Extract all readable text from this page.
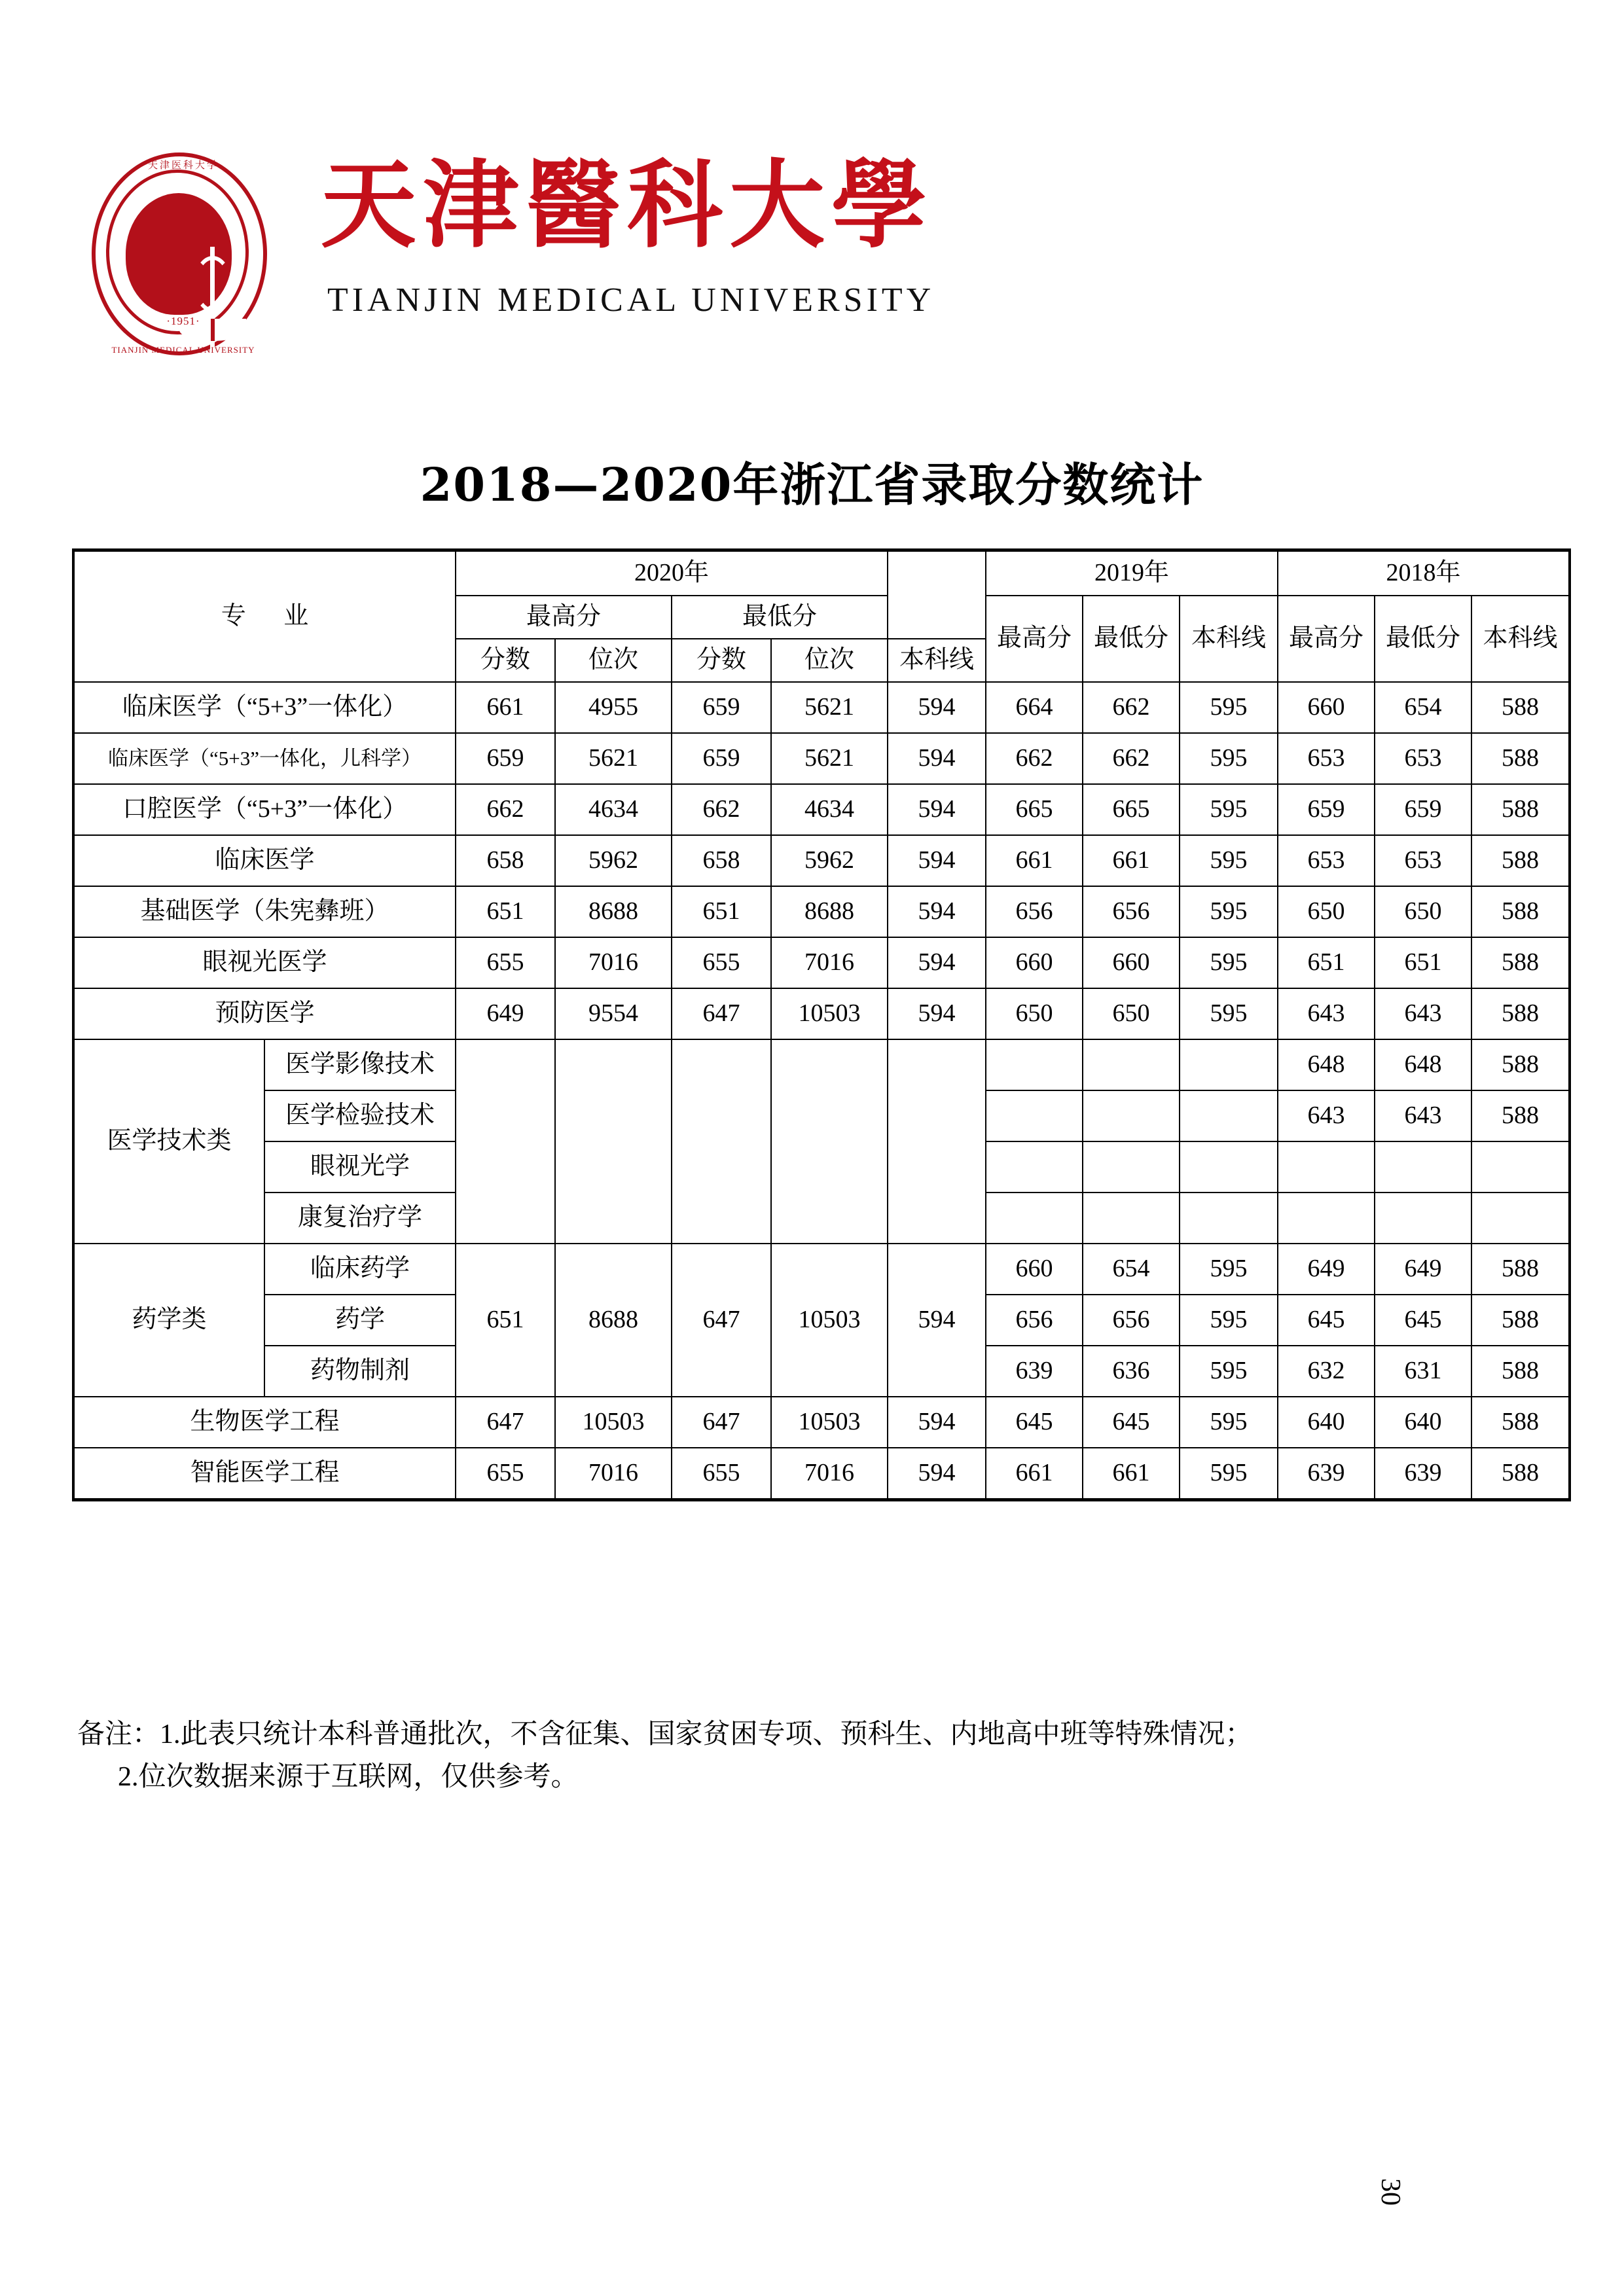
天津医科大学
·1951·
TIANJIN MEDICAL UNIVERSITY
天津醫科大學
TIANJIN MEDICAL UNIVERSITY
2018—2020年浙江省录取分数统计
专 业		2020年					2019年			2018年		
		最高分		最低分			最高分	最低分	本科线	最高分	最低分	本科线
		分数	位次	分数	位次	本科线						
临床医学（“5+3”一体化）		661	4955	659	5621	594	664	662	595	660	654	588
临床医学（“5+3”一体化，儿科学）		659	5621	659	5621	594	662	662	595	653	653	588
口腔医学（“5+3”一体化）		662	4634	662	4634	594	665	665	595	659	659	588
临床医学		658	5962	658	5962	594	661	661	595	653	653	588
基础医学（朱宪彝班）		651	8688	651	8688	594	656	656	595	650	650	588
眼视光医学		655	7016	655	7016	594	660	660	595	651	651	588
预防医学		649	9554	647	10503	594	650	650	595	643	643	588
医学技术类	医学影像技术									648	648	588
	医学检验技术									643	643	588
	眼视光学											
	康复治疗学											
药学类	临床药学	651	8688	647	10503	594	660	654	595	649	649	588
	药学						656	656	595	645	645	588
	药物制剂						639	636	595	632	631	588
生物医学工程		647	10503	647	10503	594	645	645	595	640	640	588
智能医学工程		655	7016	655	7016	594	661	661	595	639	639	588
备注：1.此表只统计本科普通批次，不含征集、国家贫困专项、预科生、内地高中班等特殊情况；
2.位次数据来源于互联网，仅供参考。
30
